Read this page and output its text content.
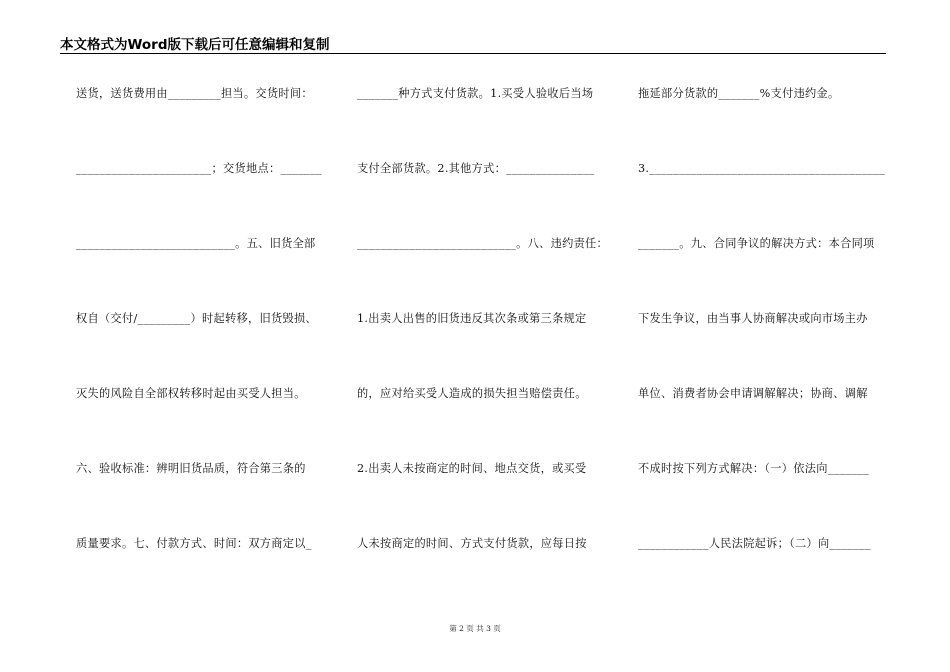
本文格式为Word版下载后可任意编辑和复制
送货，送货费用由_________担当。交货时间：
_______________________；交货地点：_______
___________________________。五、旧货全部
权自（交付/_________）时起转移，旧货毁损、
灭失的风险自全部权转移时起由买受人担当。
六、验收标准：辨明旧货品质，符合第三条的
质量要求。七、付款方式、时间：双方商定以_
_______种方式支付货款。1.买受人验收后当场
支付全部货款。2.其他方式：_______________
___________________________。八、违约责任：
1.出卖人出售的旧货违反其次条或第三条规定
的，应对给买受人造成的损失担当赔偿责任。
2.出卖人未按商定的时间、地点交货，或买受
人未按商定的时间、方式支付货款，应每日按
拖延部分货款的_______%支付违约金。
3.________________________________________
_______。九、合同争议的解决方式：本合同项
下发生争议，由当事人协商解决或向市场主办
单位、消费者协会申请调解解决；协商、调解
不成时按下列方式解决：（一）依法向_______
____________人民法院起诉；（二）向_______
第 2 页 共 3 页
